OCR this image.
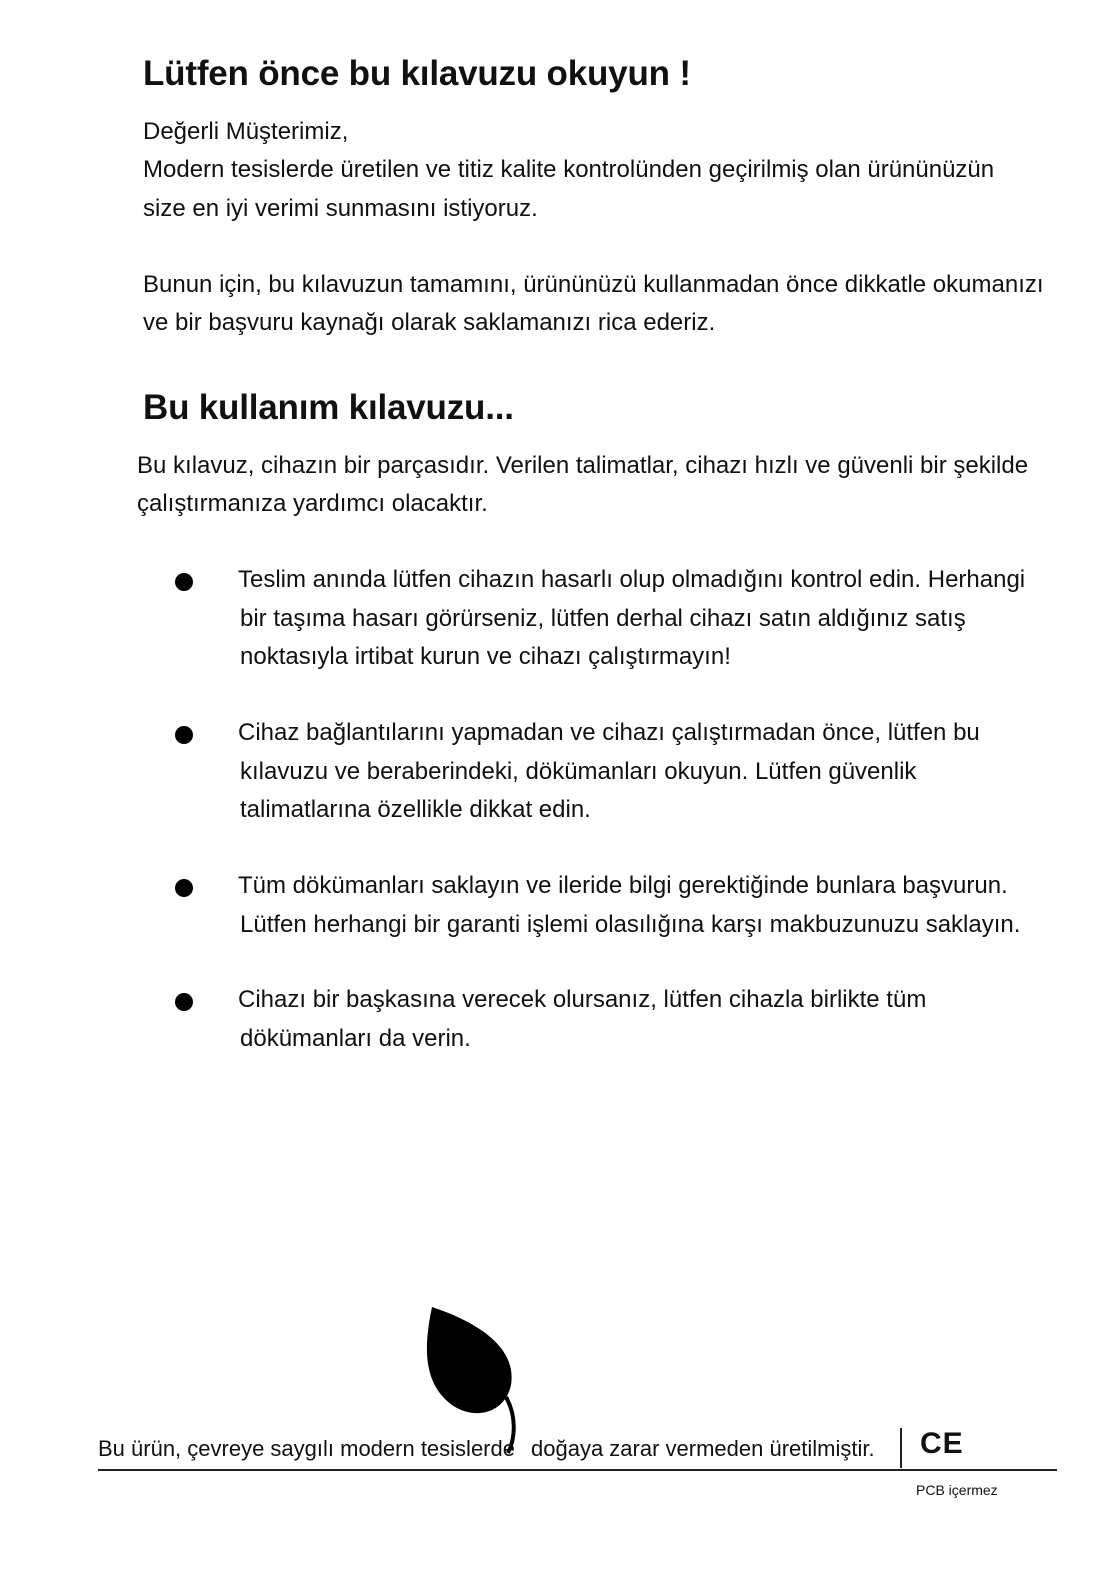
Lütfen önce bu kılavuzu okuyun !
Değerli Müşterimiz,
Modern tesislerde üretilen ve titiz kalite kontrolünden geçirilmiş olan ürününüzün
size en iyi verimi sunmasını istiyoruz.
Bunun için, bu kılavuzun tamamını, ürününüzü kullanmadan önce dikkatle okumanızı
ve bir başvuru kaynağı olarak saklamanızı rica ederiz.
Bu kullanım kılavuzu...
Bu kılavuz, cihazın bir parçasıdır. Verilen talimatlar, cihazı hızlı ve güvenli bir şekilde
çalıştırmanıza yardımcı olacaktır.
Teslim anında lütfen cihazın hasarlı olup olmadığını kontrol edin. Herhangi
bir taşıma hasarı görürseniz, lütfen derhal cihazı satın aldığınız satış
noktasıyla irtibat kurun ve cihazı çalıştırmayın!
Cihaz bağlantılarını yapmadan ve cihazı çalıştırmadan önce, lütfen bu
kılavuzu ve beraberindeki, dökümanları okuyun. Lütfen güvenlik
talimatlarına özellikle dikkat edin.
Tüm dökümanları saklayın ve ileride bilgi gerektiğinde bunlara başvurun.
Lütfen herhangi bir garanti işlemi olasılığına karşı makbuzunuzu saklayın.
Cihazı bir başkasına verecek olursanız, lütfen cihazla birlikte tüm
dökümanları da verin.
Bu ürün, çevreye saygılı modern tesislerde doğaya zarar vermeden üretilmiştir. CE
PCB içermez
